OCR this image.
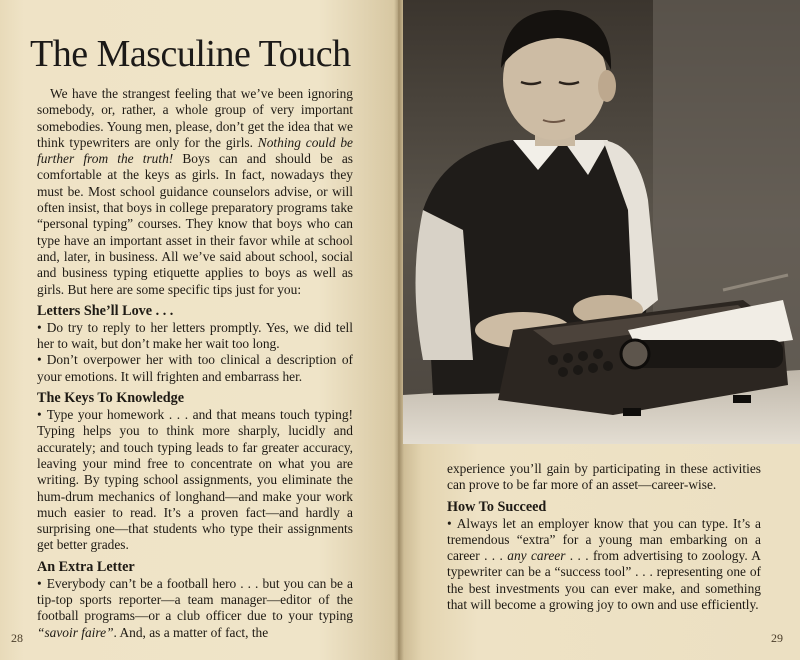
The Masculine Touch

We have the strangest feeling that we’ve been ignoring somebody, or, rather, a whole group of very important somebodies. Young men, please, don’t get the idea that we think typewriters are only for the girls. Nothing could be further from the truth! Boys can and should be as comfortable at the keys as girls. In fact, nowadays they must be. Most school guidance counselors advise, or will often insist, that boys in college preparatory programs take “personal typing” courses. They know that boys who can type have an important asset in their favor while at school and, later, in business. All we’ve said about school, social and business typing etiquette applies to boys as well as girls. But here are some specific tips just for you:

Letters She’ll Love . . .

• Do try to reply to her letters promptly. Yes, we did tell her to wait, but don’t make her wait too long.

• Don’t overpower her with too clinical a description of your emotions. It will frighten and embarrass her.

The Keys To Knowledge

• Type your homework . . . and that means touch typing! Typing helps you to think more sharply, lucidly and accurately; and touch typing leads to far greater accuracy, leaving your mind free to concentrate on what you are writing. By typing school assignments, you eliminate the hum-drum mechanics of longhand—and make your work much easier to read. It’s a proven fact—and hardly a surprising one—that students who type their assignments get better grades.

An Extra Letter

• Everybody can’t be a football hero . . . but you can be a tip-top sports reporter—a team manager—editor of the football programs—or a club officer due to your typing “savoir faire”. And, as a matter of fact, the

28

experience you’ll gain by participating in these activities can prove to be far more of an asset—career-wise.

How To Succeed

• Always let an employer know that you can type. It’s a tremendous “extra” for a young man embarking on a career . . . any career . . . from advertising to zoology. A typewriter can be a “success tool” . . . representing one of the best investments you can ever make, and something that will become a growing joy to own and use efficiently.

29
